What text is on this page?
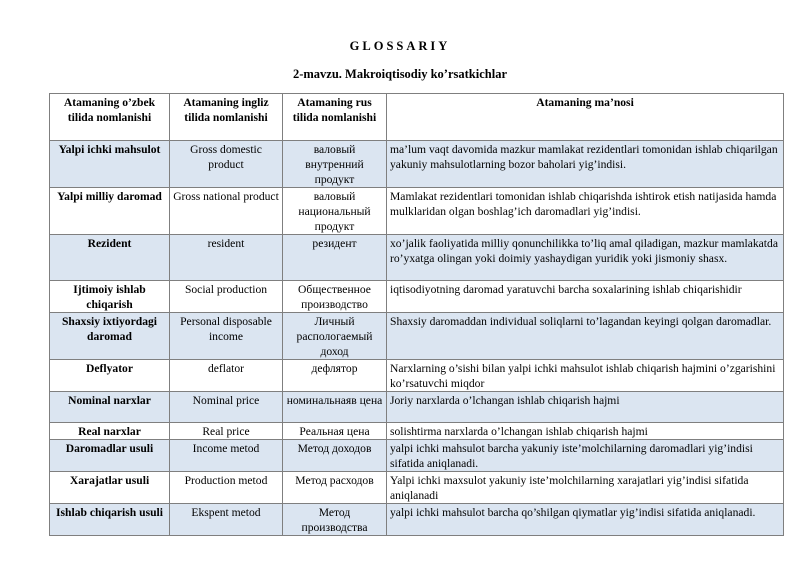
GLOSSARIY
2-mavzu. Makroiqtisodiy ko’rsatkichlar
Atamaning o’zbek tilida nomlanishi	Atamaning ingliz tilida nomlanishi	Atamaning rus tilida nomlanishi	Atamaning ma’nosi
Yalpi ichki mahsulot	Gross domestic product	валовый внутренний продукт	ma’lum vaqt davomida mazkur mamlakat rezidentlari tomonidan ishlab chiqarilgan yakuniy mahsulotlarning bozor baholari yig’indisi.
Yalpi milliy daromad	Gross national product	валовый национальный продукт	Mamlakat rezidentlari tomonidan ishlab chiqarishda ishtirok etish natijasida hamda mulklaridan olgan boshlag’ich daromadlari yig’indisi.
Rezident	resident	резидент	xo’jalik faoliyatida milliy qonunchilikka to’liq amal qiladigan, mazkur mamlakatda ro’yxatga olingan yoki doimiy yashaydigan yuridik yoki jismoniy shasx.
Ijtimoiy ishlab chiqarish	Social production	Общественное производство	iqtisodiyotning daromad yaratuvchi barcha soxalarining ishlab chiqarishidir
Shaxsiy ixtiyordagi daromad	Personal disposable income	Личный распологаемый доход	Shaxsiy daromaddan individual soliqlarni to’lagandan keyingi qolgan daromadlar.
Deflyator	deflator	дефлятор	Narxlarning o’sishi bilan yalpi ichki mahsulot ishlab chiqarish hajmini o’zgarishini ko’rsatuvchi miqdor
Nominal narxlar	Nominal price	номинальнаяв цена	Joriy narxlarda o’lchangan ishlab chiqarish hajmi
Real narxlar	Real price	Реальная цена	solishtirma narxlarda o’lchangan ishlab chiqarish hajmi
Daromadlar usuli	Income metod	Метод доходов	yalpi ichki mahsulot barcha yakuniy iste’molchilarning daromadlari yig’indisi sifatida aniqlanadi.
Xarajatlar usuli	Production metod	Метод расходов	Yalpi ichki maxsulot yakuniy iste’molchilarning xarajatlari yig’indisi sifatida aniqlanadi
Ishlab chiqarish usuli	Ekspent metod	Метод производства	yalpi ichki mahsulot barcha qo’shilgan qiymatlar yig’indisi sifatida aniqlanadi.
